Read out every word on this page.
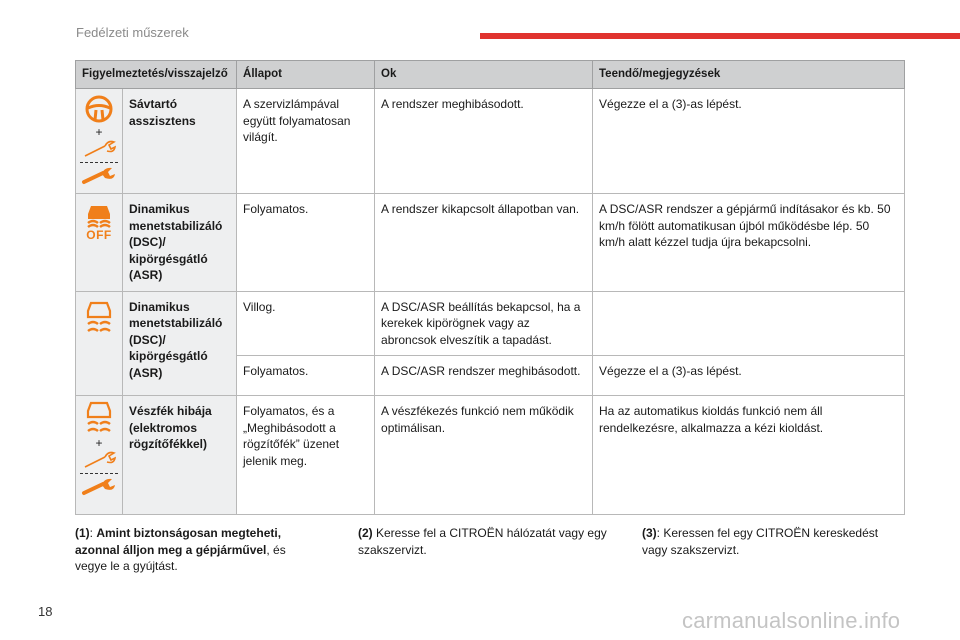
Fedélzeti műszerek
Figyelmeztetés/visszajelző		Állapot	Ok	Teendő/megjegyzések

+	Sávtartó asszisztens	A szervizlámpával együtt folyamatosan világít.	A rendszer meghibásodott.	Végezze el a (3)-as lépést.

OFF	Dinamikus menetstabilizáló (DSC)/ kipörgésgátló (ASR)	Folyamatos.	A rendszer kikapcsolt állapotban van.	A DSC/ASR rendszer a gépjármű indításakor és kb. 50 km/h fölött automatikusan újból működésbe lép. 50 km/h alatt kézzel tudja újra bekapcsolni.

	Dinamikus menetstabilizáló (DSC)/ kipörgésgátló (ASR)	Villog.	A DSC/ASR beállítás bekapcsol, ha a kerekek kipörögnek vagy az abroncsok elveszítik a tapadást.	
		Folyamatos.	A DSC/ASR rendszer meghibásodott.	Végezze el a (3)-as lépést.

+	Vészfék hibája (elektromos rögzítőfékkel)	Folyamatos, és a „Meghibásodott a rögzítőfék” üzenet jelenik meg.	A vészfékezés funkció nem működik optimálisan.	Ha az automatikus kioldás funkció nem áll rendelkezésre, alkalmazza a kézi kioldást.
(1): Amint biztonságosan megteheti, azonnal álljon meg a gépjárművel, és vegye le a gyújtást.
(2) Keresse fel a CITROËN hálózatát vagy egy szakszervizt.
(3): Keressen fel egy CITROËN kereskedést vagy szakszervizt.
18	carmanualsonline.info
